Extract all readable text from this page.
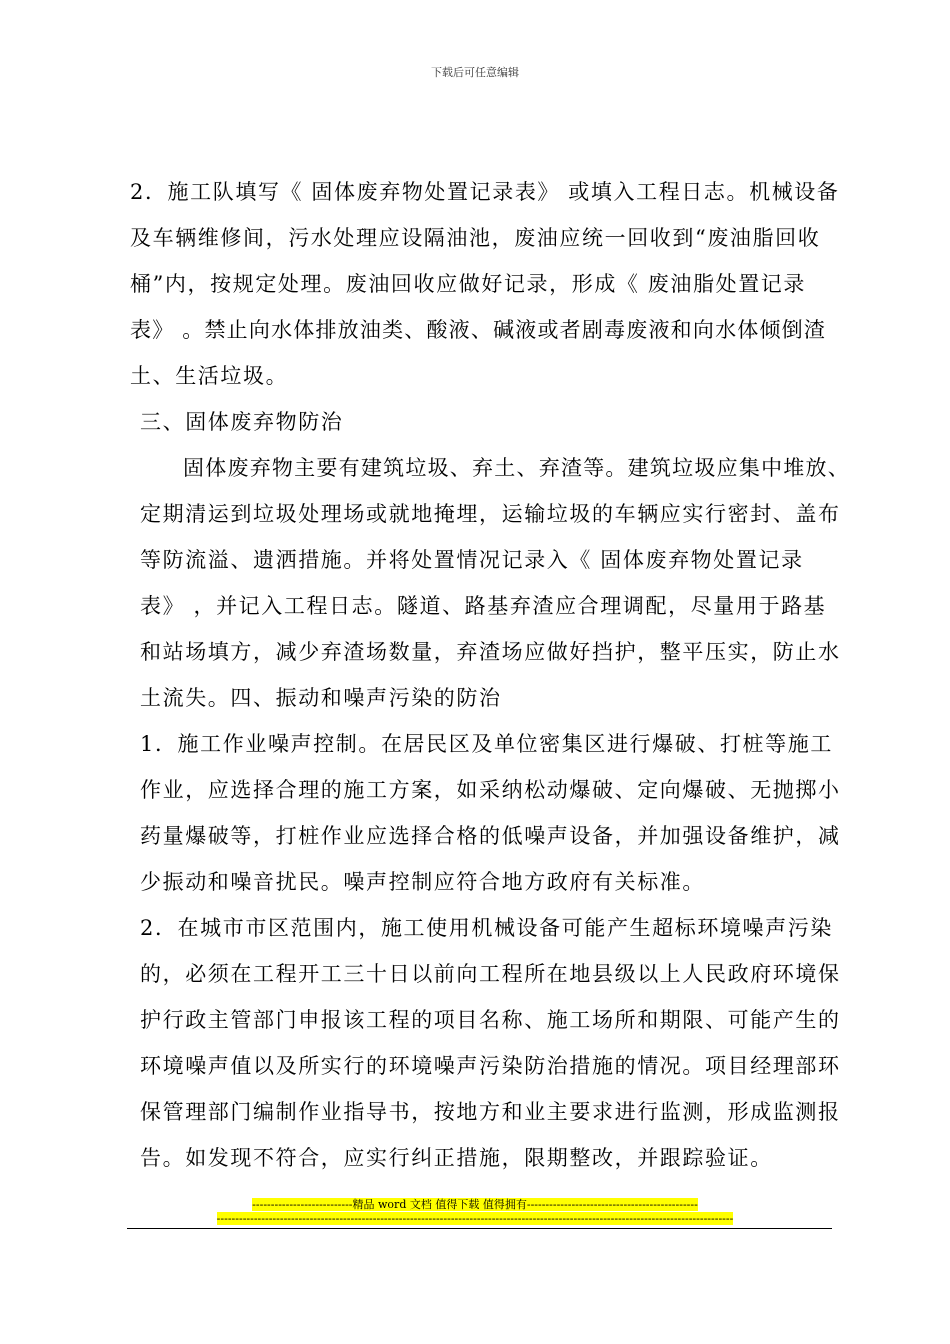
下载后可任意编辑
2．施工队填写《 固体废弃物处置记录表》 或填入工程日志。机械设备
及车辆维修间，污水处理应设隔油池，废油应统一回收到“废油脂回收
桶”内，按规定处理。废油回收应做好记录，形成《 废油脂处置记录
表》 。禁止向水体排放油类、酸液、碱液或者剧毒废液和向水体倾倒渣
土、生活垃圾。
三、固体废弃物防治
固体废弃物主要有建筑垃圾、弃土、弃渣等。建筑垃圾应集中堆放、
定期清运到垃圾处理场或就地掩埋，运输垃圾的车辆应实行密封、盖布
等防流溢、遗洒措施。并将处置情况记录入《 固体废弃物处置记录
表》 ，并记入工程日志。隧道、路基弃渣应合理调配，尽量用于路基
和站场填方，减少弃渣场数量，弃渣场应做好挡护，整平压实，防止水
土流失。四、振动和噪声污染的防治
1．施工作业噪声控制。在居民区及单位密集区进行爆破、打桩等施工
作业，应选择合理的施工方案，如采纳松动爆破、定向爆破、无抛掷小
药量爆破等，打桩作业应选择合格的低噪声设备，并加强设备维护，减
少振动和噪音扰民。噪声控制应符合地方政府有关标准。
2．在城市市区范围内，施工使用机械设备可能产生超标环境噪声污染
的，必须在工程开工三十日以前向工程所在地县级以上人民政府环境保
护行政主管部门申报该工程的项目名称、施工场所和期限、可能产生的
环境噪声值以及所实行的环境噪声污染防治措施的情况。项目经理部环
保管理部门编制作业指导书，按地方和业主要求进行监测，形成监测报
告。如发现不符合，应实行纠正措施，限期整改，并跟踪验证。
---------------------------精品 word 文档 值得下载 值得拥有----------------------------------------------
-------------------------------------------------------------------------------------------------------------------------------------------
